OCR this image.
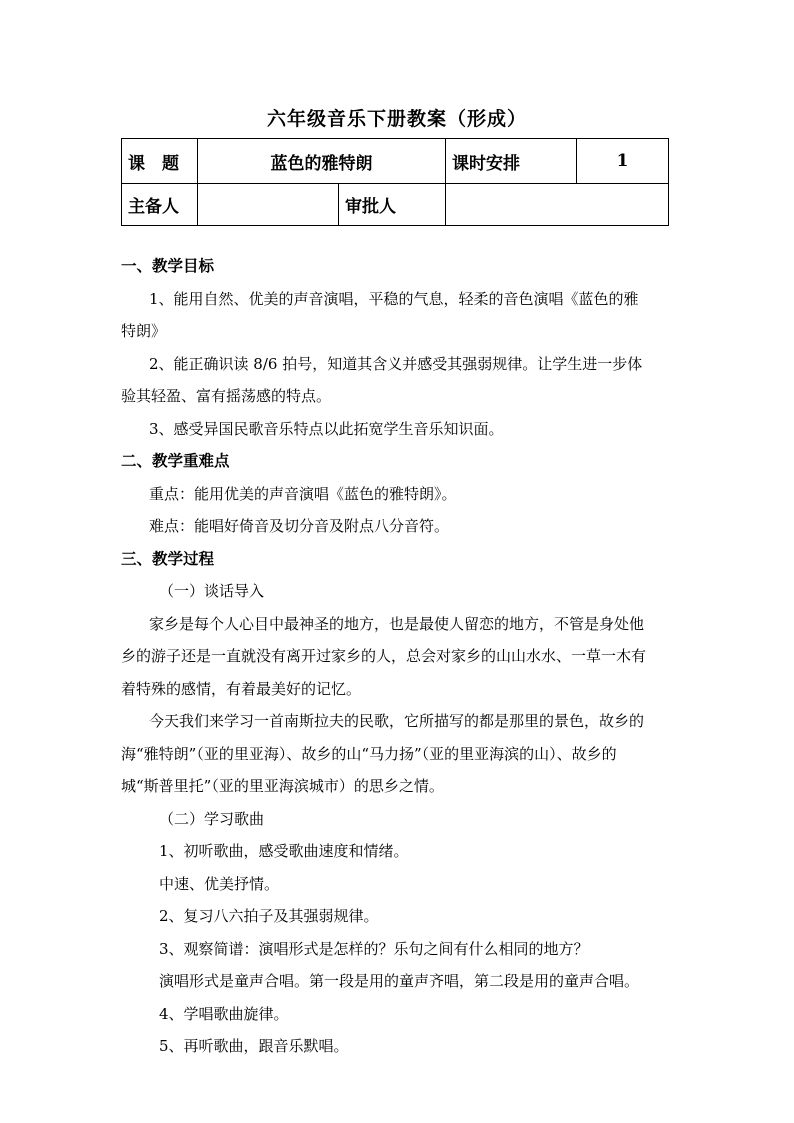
六年级音乐下册教案（形成）
课　题	蓝色的雅特朗		课时安排	1
主备人		审批人		
一、教学目标
1、能用自然、优美的声音演唱，平稳的气息，轻柔的音色演唱《蓝色的雅
特朗》
2、能正确识读 8/6 拍号，知道其含义并感受其强弱规律。让学生进一步体
验其轻盈、富有摇荡感的特点。
3、感受异国民歌音乐特点以此拓宽学生音乐知识面。
二、教学重难点
重点：能用优美的声音演唱《蓝色的雅特朗》。
难点：能唱好倚音及切分音及附点八分音符。
三、教学过程
（一）谈话导入
家乡是每个人心目中最神圣的地方，也是最使人留恋的地方，不管是身处他
乡的游子还是一直就没有离开过家乡的人，总会对家乡的山山水水、一草一木有
着特殊的感情，有着最美好的记忆。
今天我们来学习一首南斯拉夫的民歌，它所描写的都是那里的景色，故乡的
海“雅特朗”（亚的里亚海）、故乡的山“马力扬”（亚的里亚海滨的山）、故乡的
城“斯普里托”（亚的里亚海滨城市）的思乡之情。
（二）学习歌曲
1、初听歌曲，感受歌曲速度和情绪。
中速、优美抒情。
2、复习八六拍子及其强弱规律。
3、观察简谱：演唱形式是怎样的？乐句之间有什么相同的地方？
演唱形式是童声合唱。第一段是用的童声齐唱，第二段是用的童声合唱。
4、学唱歌曲旋律。
5、再听歌曲，跟音乐默唱。
